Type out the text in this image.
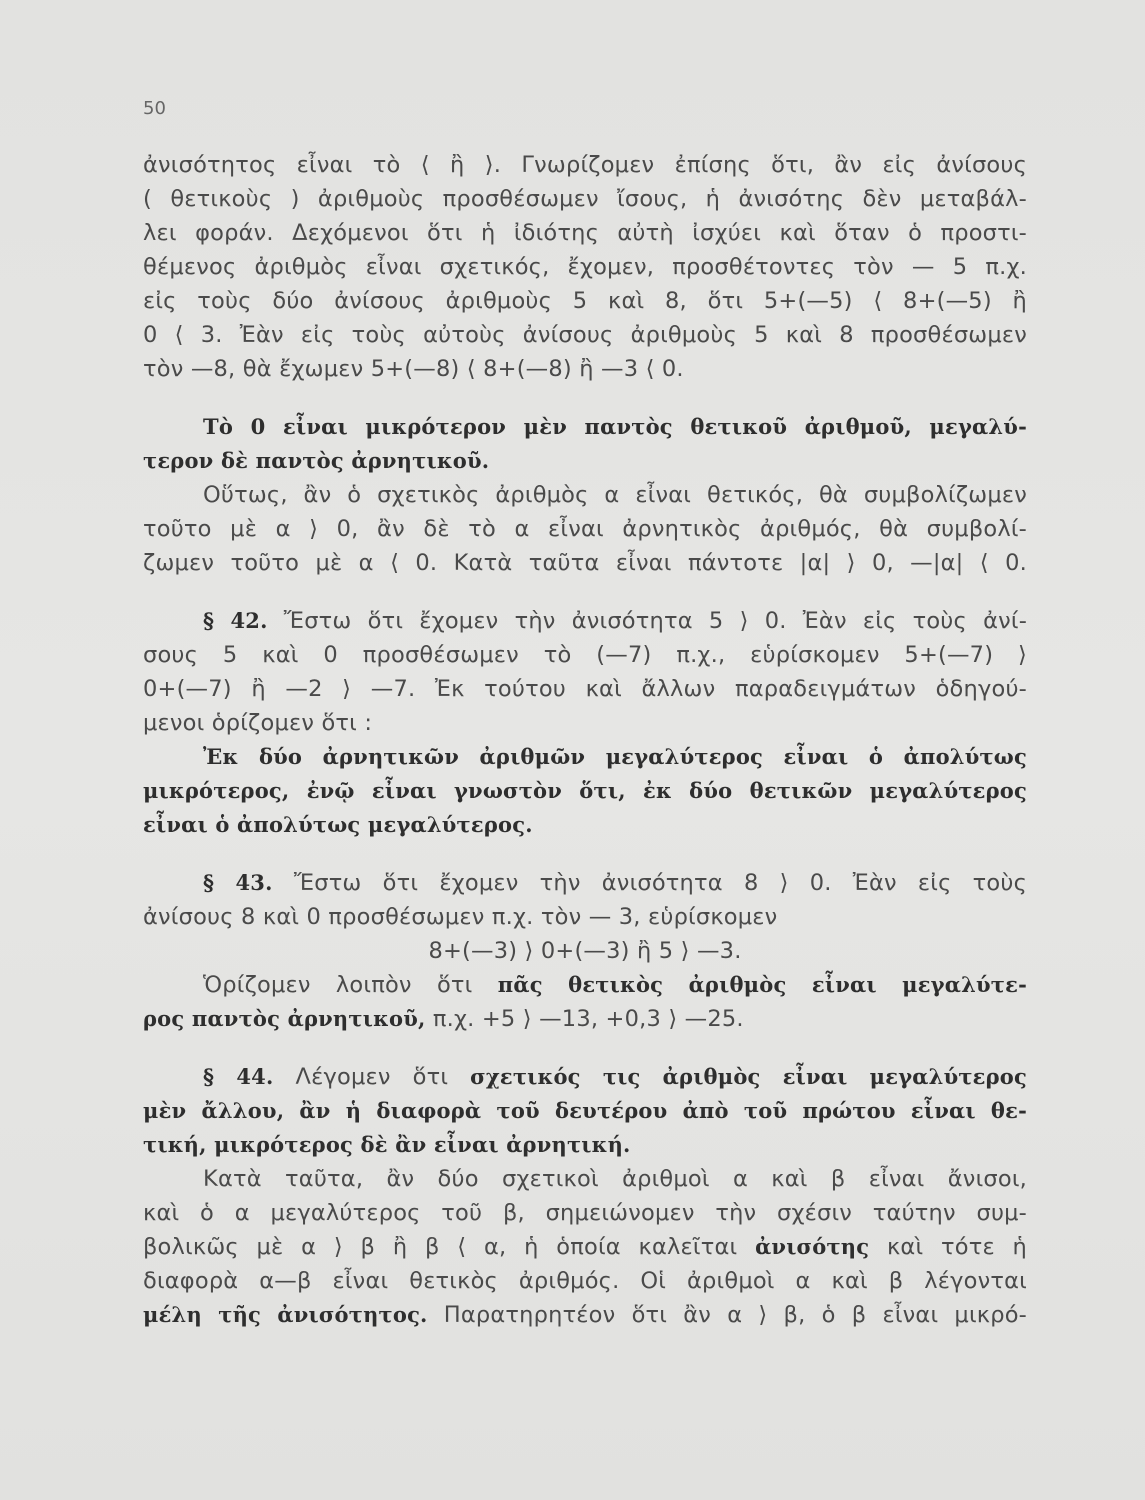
50
ἀνισότητος εἶναι τὸ ⟨ ἢ ⟩. Γνωρίζομεν ἐπίσης ὅτι, ἂν εἰς ἀνίσους
( θετικοὺς ) ἀριθμοὺς προσθέσωμεν ἴσους, ἡ ἀνισότης δὲν μεταβάλ-
λει φοράν. Δεχόμενοι ὅτι ἡ ἰδιότης αὐτὴ ἰσχύει καὶ ὅταν ὁ προστι-
θέμενος ἀριθμὸς εἶναι σχετικός, ἔχομεν, προσθέτοντες τὸν — 5 π.χ.
εἰς τοὺς δύο ἀνίσους ἀριθμοὺς 5 καὶ 8, ὅτι 5+(—5) ⟨ 8+(—5) ἢ
0 ⟨ 3. Ἐὰν εἰς τοὺς αὐτοὺς ἀνίσους ἀριθμοὺς 5 καὶ 8 προσθέσωμεν
τὸν —8, θὰ ἔχωμεν 5+(—8) ⟨ 8+(—8) ἢ —3 ⟨ 0.
Τὸ 0 εἶναι μικρότερον μὲν παντὸς θετικοῦ ἀριθμοῦ, μεγαλύ-
τερον δὲ παντὸς ἀρνητικοῦ.
Οὕτως, ἂν ὁ σχετικὸς ἀριθμὸς α εἶναι θετικός, θὰ συμβολίζωμεν
τοῦτο μὲ α ⟩ 0, ἂν δὲ τὸ α εἶναι ἀρνητικὸς ἀριθμός, θὰ συμβολί-
ζωμεν τοῦτο μὲ α ⟨ 0. Κατὰ ταῦτα εἶναι πάντοτε |α| ⟩ 0, —|α| ⟨ 0.
§ 42. Ἔστω ὅτι ἔχομεν τὴν ἀνισότητα 5 ⟩ 0. Ἐὰν εἰς τοὺς ἀνί-
σους 5 καὶ 0 προσθέσωμεν τὸ (—7) π.χ., εὑρίσκομεν 5+(—7) ⟩
0+(—7) ἢ —2 ⟩ —7. Ἐκ τούτου καὶ ἄλλων παραδειγμάτων ὁδηγού-
μενοι ὁρίζομεν ὅτι :
Ἐκ δύο ἀρνητικῶν ἀριθμῶν μεγαλύτερος εἶναι ὁ ἀπολύτως
μικρότερος, ἐνῷ εἶναι γνωστὸν ὅτι, ἐκ δύο θετικῶν μεγαλύτερος
εἶναι ὁ ἀπολύτως μεγαλύτερος.
§ 43. Ἔστω ὅτι ἔχομεν τὴν ἀνισότητα 8 ⟩ 0. Ἐὰν εἰς τοὺς
ἀνίσους 8 καὶ 0 προσθέσωμεν π.χ. τὸν — 3, εὑρίσκομεν
8+(—3) ⟩ 0+(—3) ἢ 5 ⟩ —3.
Ὁρίζομεν λοιπὸν ὅτι πᾶς θετικὸς ἀριθμὸς εἶναι μεγαλύτε-
ρος παντὸς ἀρνητικοῦ, π.χ. +5 ⟩ —13, +0,3 ⟩ —25.
§ 44. Λέγομεν ὅτι σχετικός τις ἀριθμὸς εἶναι μεγαλύτερος
μὲν ἄλλου, ἂν ἡ διαφορὰ τοῦ δευτέρου ἀπὸ τοῦ πρώτου εἶναι θε-
τική, μικρότερος δὲ ἂν εἶναι ἀρνητική.
Κατὰ ταῦτα, ἂν δύο σχετικοὶ ἀριθμοὶ α καὶ β εἶναι ἄνισοι,
καὶ ὁ α μεγαλύτερος τοῦ β, σημειώνομεν τὴν σχέσιν ταύτην συμ-
βολικῶς μὲ α ⟩ β ἢ β ⟨ α, ἡ ὁποία καλεῖται ἀνισότης καὶ τότε ἡ
διαφορὰ α—β εἶναι θετικὸς ἀριθμός. Οἱ ἀριθμοὶ α καὶ β λέγονται
μέλη τῆς ἀνισότητος. Παρατηρητέον ὅτι ἂν α ⟩ β, ὁ β εἶναι μικρό-
